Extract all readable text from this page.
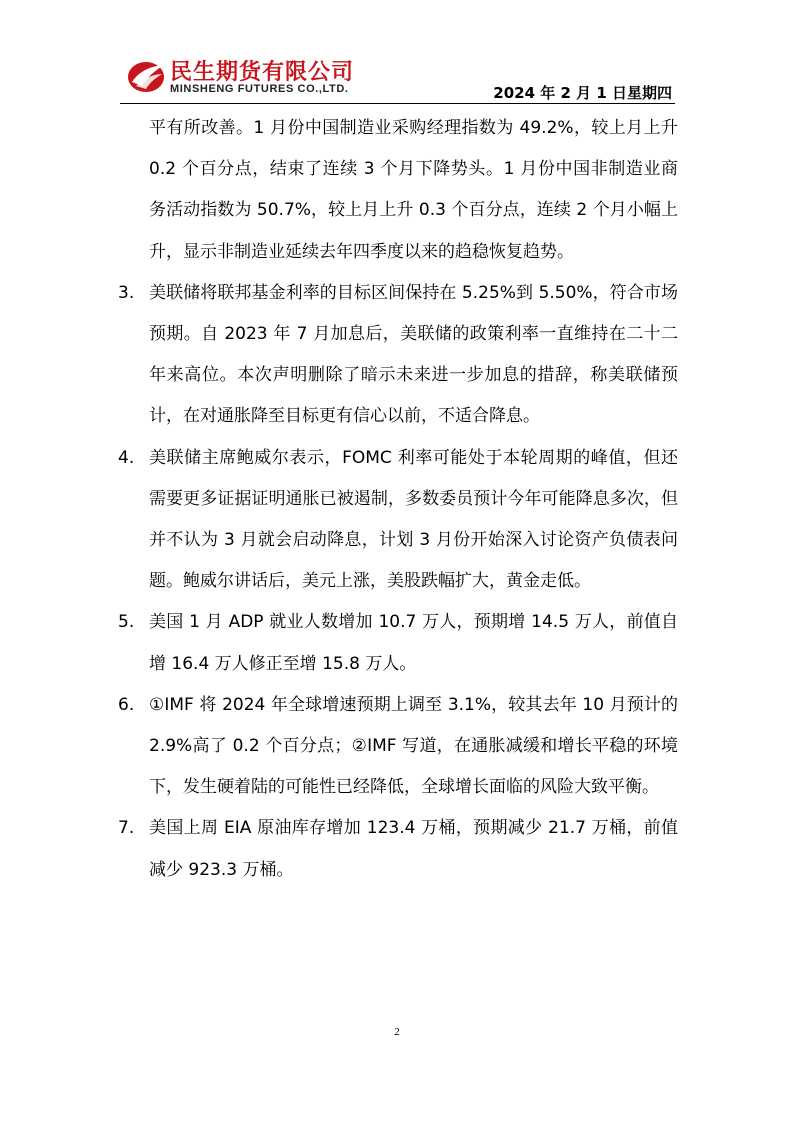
民生期货有限公司
MINSHENG FUTURES CO.,LTD.	2024 年 2 月 1 日星期四

平有所改善。1 月份中国制造业采购经理指数为 49.2%，较上月上升 0.2 个百分点，结束了连续 3 个月下降势头。1 月份中国非制造业商务活动指数为 50.7%，较上月上升 0.3 个百分点，连续 2 个月小幅上升，显示非制造业延续去年四季度以来的趋稳恢复趋势。

3. 美联储将联邦基金利率的目标区间保持在 5.25%到 5.50%，符合市场预期。自 2023 年 7 月加息后，美联储的政策利率一直维持在二十二年来高位。本次声明删除了暗示未来进一步加息的措辞，称美联储预计，在对通胀降至目标更有信心以前，不适合降息。
4. 美联储主席鲍威尔表示，FOMC 利率可能处于本轮周期的峰值，但还需要更多证据证明通胀已被遏制，多数委员预计今年可能降息多次，但并不认为 3 月就会启动降息，计划 3 月份开始深入讨论资产负债表问题。鲍威尔讲话后，美元上涨，美股跌幅扩大，黄金走低。
5. 美国 1 月 ADP 就业人数增加 10.7 万人，预期增 14.5 万人，前值自增 16.4 万人修正至增 15.8 万人。
6. ①IMF 将 2024 年全球增速预期上调至 3.1%，较其去年 10 月预计的 2.9%高了 0.2 个百分点；②IMF 写道，在通胀减缓和增长平稳的环境下，发生硬着陆的可能性已经降低，全球增长面临的风险大致平衡。
7. 美国上周 EIA 原油库存增加 123.4 万桶，预期减少 21.7 万桶，前值减少 923.3 万桶。
2
